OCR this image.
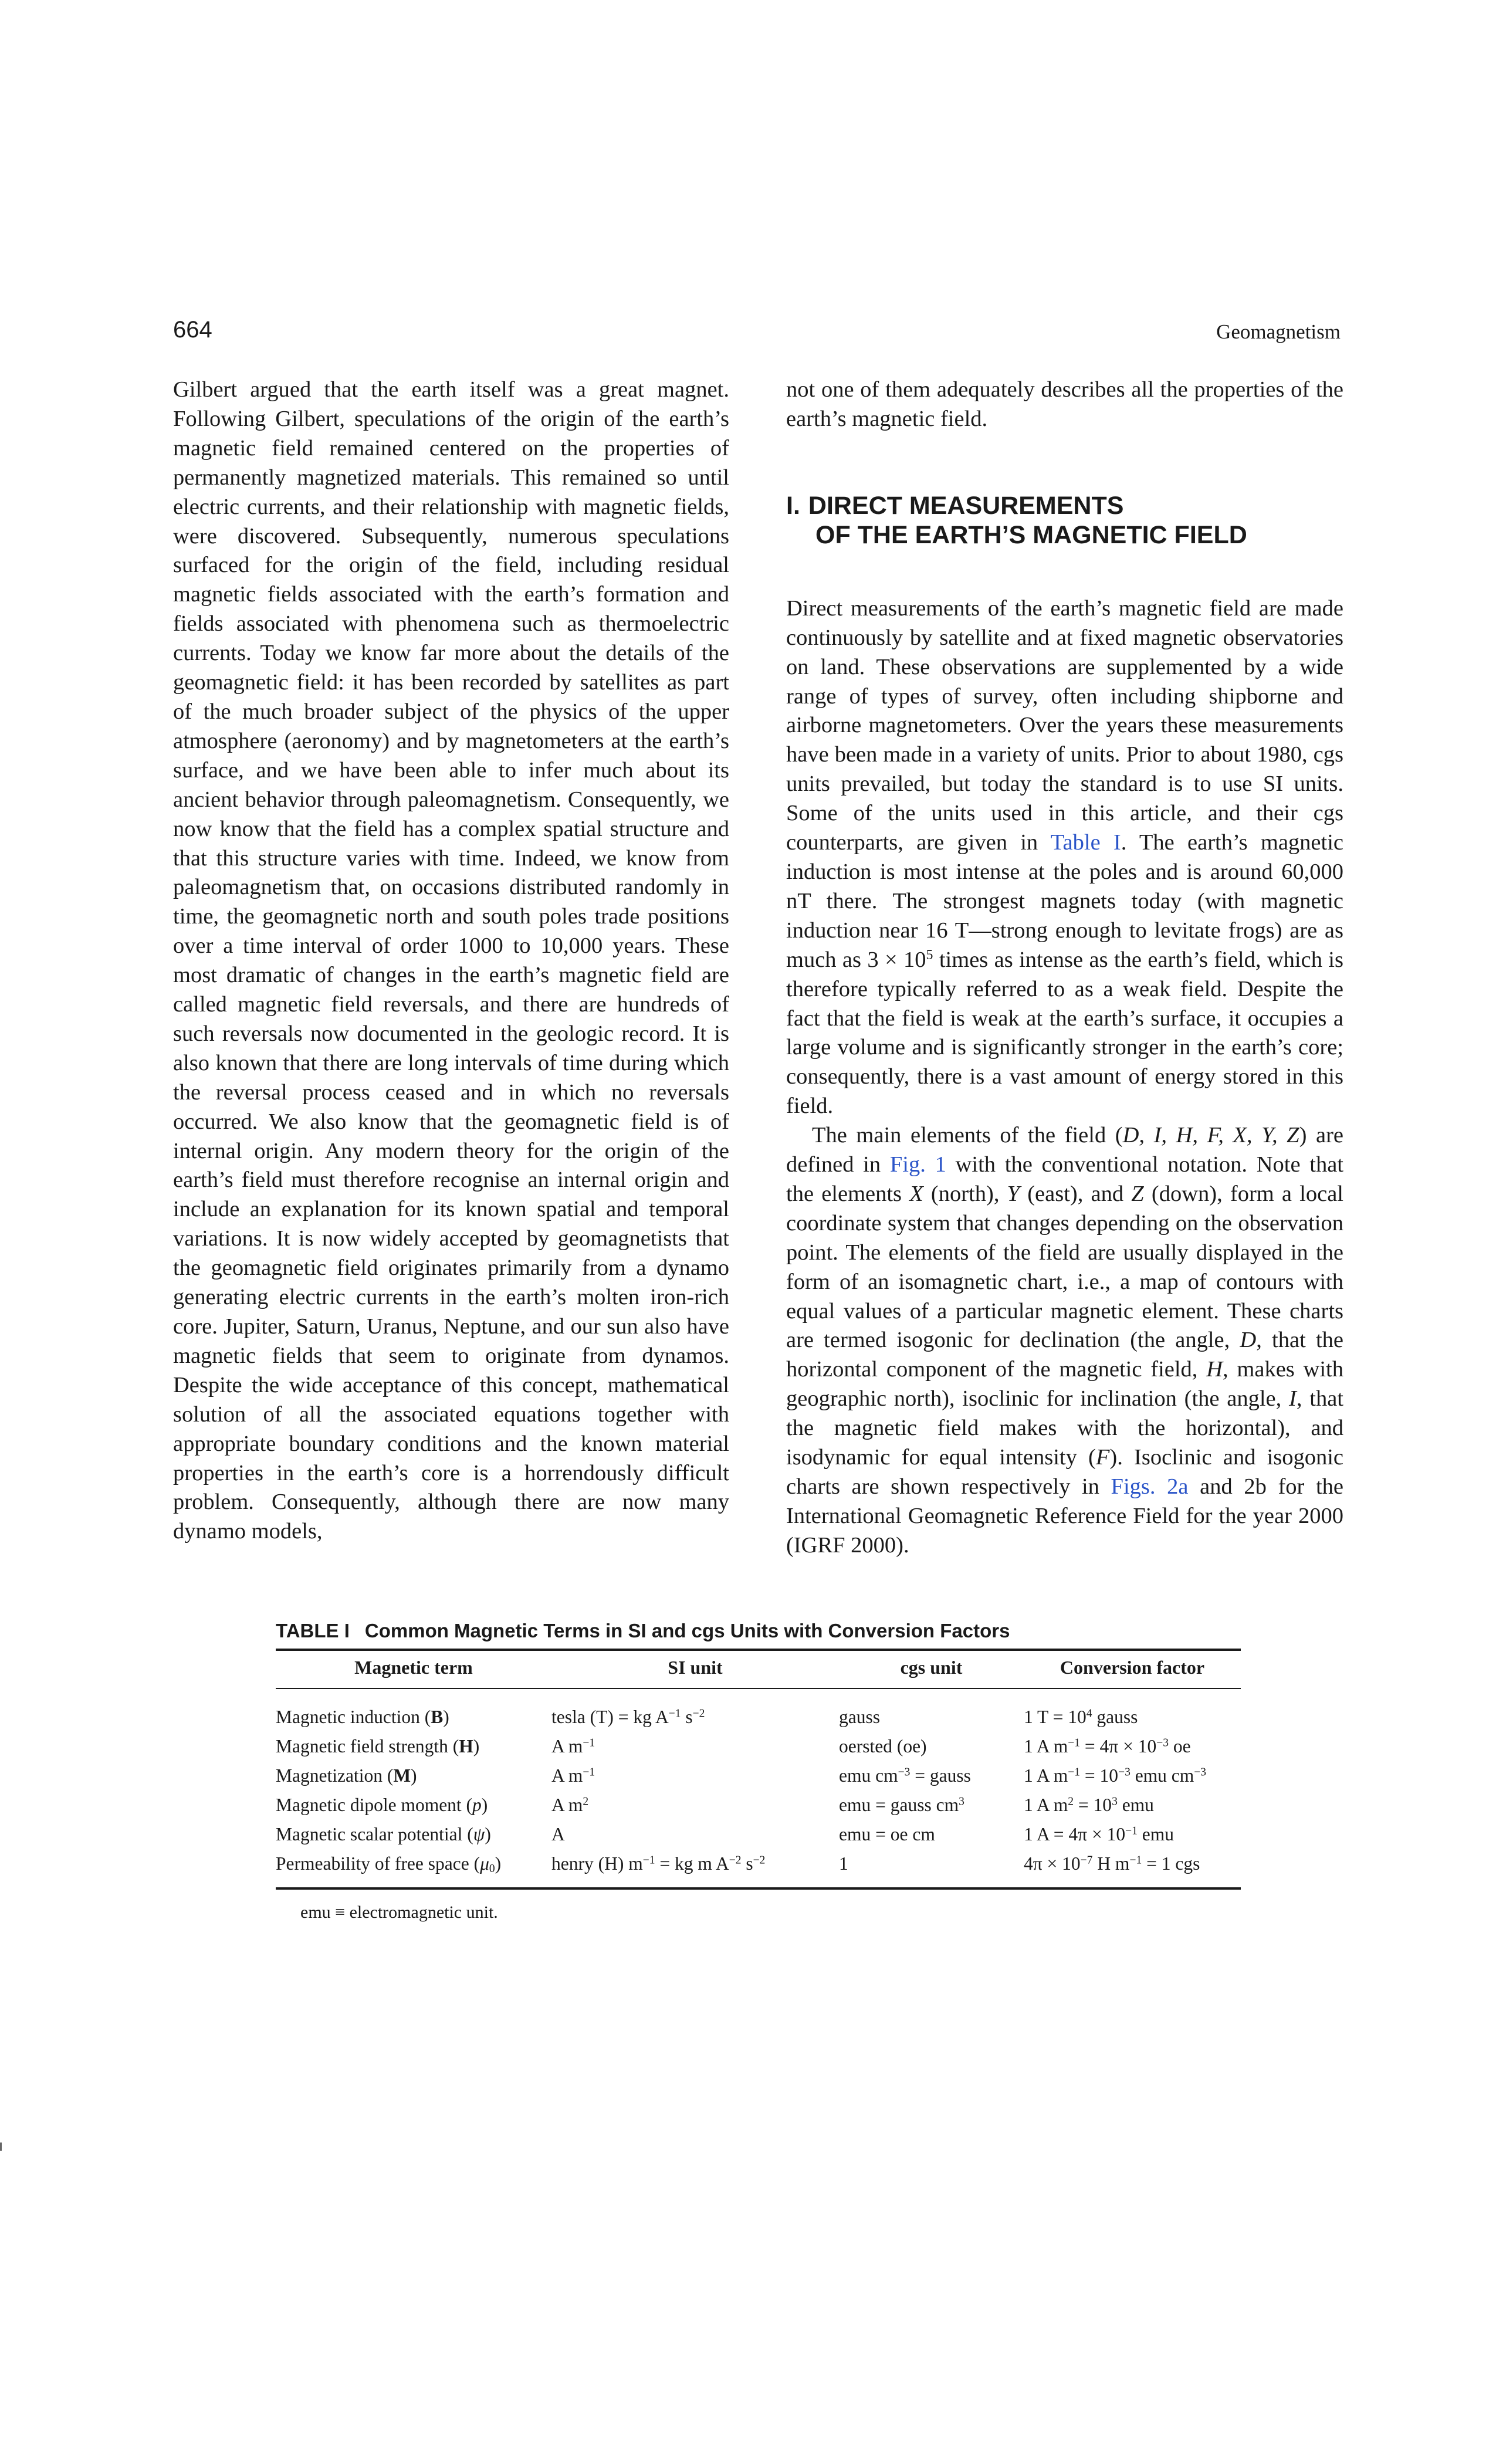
664	Geomagnetism

Gilbert argued that the earth itself was a great magnet. Following Gilbert, speculations of the origin of the earth’s magnetic field remained centered on the properties of permanently magnetized materials. This remained so until electric currents, and their relationship with magnetic fields, were discovered. Subsequently, numerous speculations surfaced for the origin of the field, including residual magnetic fields associated with the earth’s formation and fields associated with phenomena such as thermoelectric currents. Today we know far more about the details of the geomagnetic field: it has been recorded by satellites as part of the much broader subject of the physics of the upper atmosphere (aeronomy) and by magnetometers at the earth’s surface, and we have been able to infer much about its ancient behavior through paleomagnetism. Consequently, we now know that the field has a complex spatial structure and that this structure varies with time. Indeed, we know from paleomagnetism that, on occasions distributed randomly in time, the geomagnetic north and south poles trade positions over a time interval of order 1000 to 10,000 years. These most dramatic of changes in the earth’s magnetic field are called magnetic field reversals, and there are hundreds of such reversals now documented in the geologic record. It is also known that there are long intervals of time during which the reversal process ceased and in which no reversals occurred. We also know that the geomagnetic field is of internal origin. Any modern theory for the origin of the earth’s field must therefore recognise an internal origin and include an explanation for its known spatial and temporal variations. It is now widely accepted by geomagnetists that the geomagnetic field originates primarily from a dynamo generating electric currents in the earth’s molten iron-rich core. Jupiter, Saturn, Uranus, Neptune, and our sun also have magnetic fields that seem to originate from dynamos. Despite the wide acceptance of this concept, mathematical solution of all the associated equations together with appropriate boundary conditions and the known material properties in the earth’s core is a horrendously difficult problem. Consequently, although there are now many dynamo models,

not one of them adequately describes all the properties of the earth’s magnetic field.

I. DIRECT MEASUREMENTS
OF THE EARTH’S MAGNETIC FIELD

Direct measurements of the earth’s magnetic field are made continuously by satellite and at fixed magnetic observatories on land. These observations are supplemented by a wide range of types of survey, often including shipborne and airborne magnetometers. Over the years these measurements have been made in a variety of units. Prior to about 1980, cgs units prevailed, but today the standard is to use SI units. Some of the units used in this article, and their cgs counterparts, are given in Table I. The earth’s magnetic induction is most intense at the poles and is around 60,000 nT there. The strongest magnets today (with magnetic induction near 16 T—strong enough to levitate frogs) are as much as $3 \times 10^5$ times as intense as the earth’s field, which is therefore typically referred to as a weak field. Despite the fact that the field is weak at the earth’s surface, it occupies a large volume and is significantly stronger in the earth’s core; consequently, there is a vast amount of energy stored in this field.

The main elements of the field (D, I, H, F, X, Y, Z) are defined in Fig. 1 with the conventional notation. Note that the elements X (north), Y (east), and Z (down), form a local coordinate system that changes depending on the observation point. The elements of the field are usually displayed in the form of an isomagnetic chart, i.e., a map of contours with equal values of a particular magnetic element. These charts are termed isogonic for declination (the angle, D, that the horizontal component of the magnetic field, H, makes with geographic north), isoclinic for inclination (the angle, I, that the magnetic field makes with the horizontal), and isodynamic for equal intensity (F). Isoclinic and isogonic charts are shown respectively in Figs. 2a and 2b for the International Geomagnetic Reference Field for the year 2000 (IGRF 2000).

TABLE I Common Magnetic Terms in SI and cgs Units with Conversion Factors
Magnetic term	SI unit	cgs unit	Conversion factor
Magnetic induction (B)	tesla (T) = kg $A^{-1}$ $s^{-2}$	gauss	1 $T = 10^4$ gauss
Magnetic field strength (H)	A $m^{-1}$	oersted (oe)	1 A $m^{-1} = 4\pi \times 10^{-3}$ oe
Magnetization (M)	A $m^{-1}$	emu $cm^{-3}$ = gauss	1 A $m^{-1} = 10^{-3}$ emu $cm^{-3}$
Magnetic dipole moment (p)	A $m^2$	emu = gauss $cm^3$	1 A $m^2 = 10^3$ emu
Magnetic scalar potential (ψ)	A	emu = oe cm	1 $A = 4\pi \times 10^{-1}$ emu
Permeability of free space $(\mu_0)$	henry (H) $m^{-1}$ = kg m $A^{-2}$ $s^{-2}$	1	$4\pi \times 10^{-7}$ H $m^{-1} = 1$ cgs
emu ≡ electromagnetic unit.
